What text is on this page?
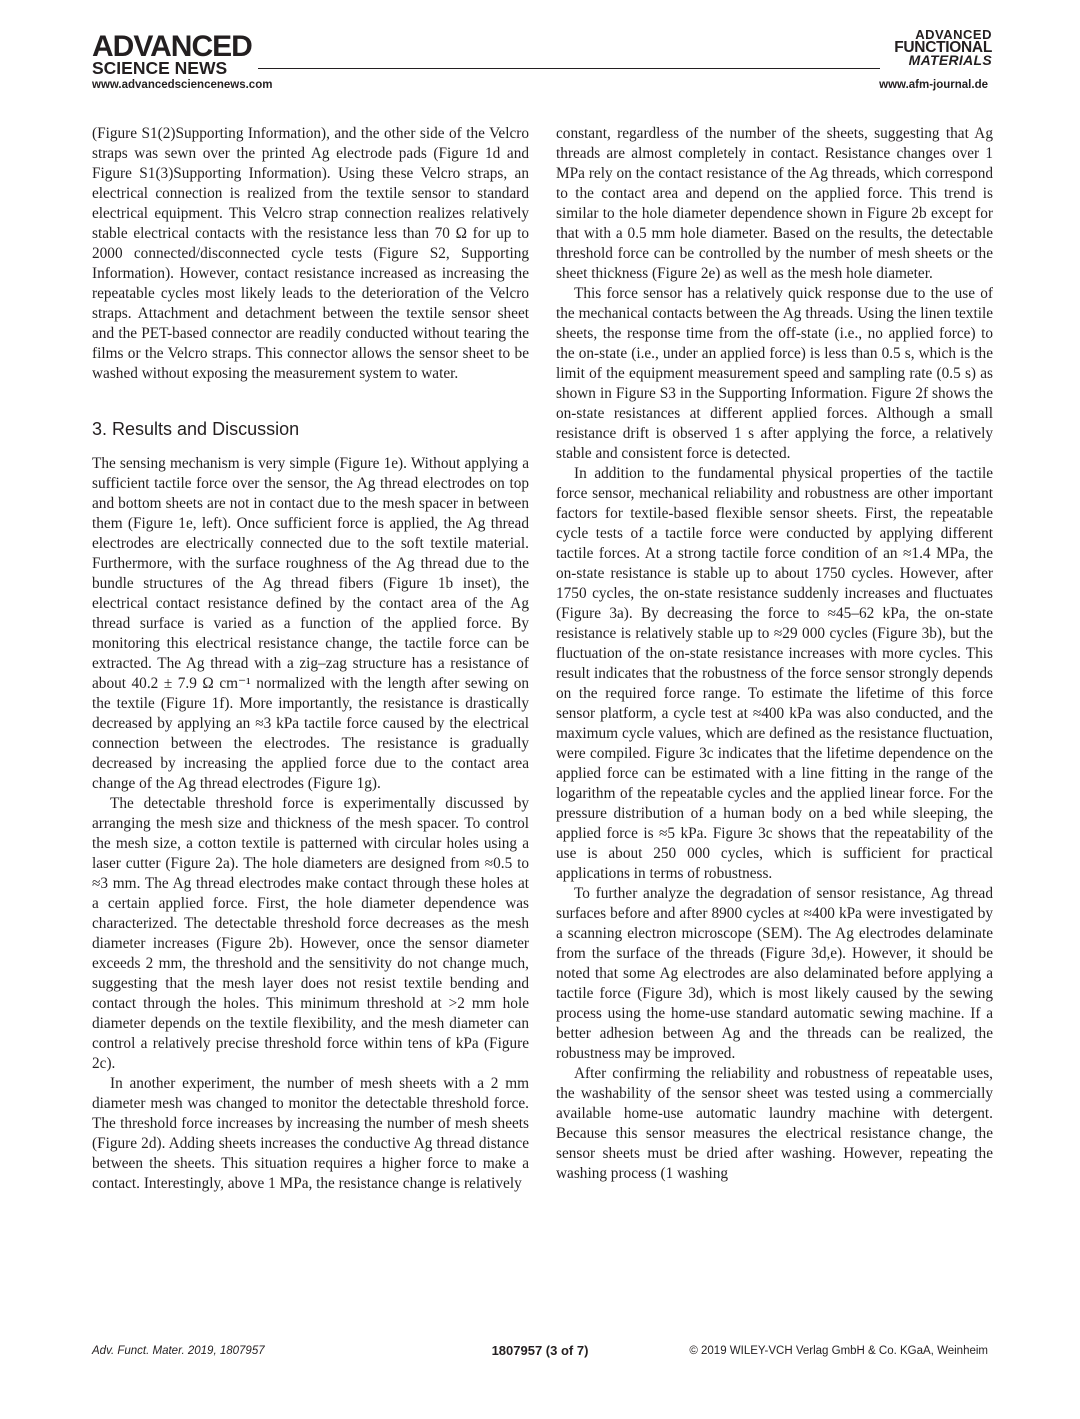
ADVANCED
SCIENCE NEWS
www.advancedsciencenews.com
ADVANCED
FUNCTIONAL
MATERIALS
www.afm-journal.de

(Figure S1(2)Supporting Information), and the other side of the Velcro straps was sewn over the printed Ag electrode pads (Figure 1d and Figure S1(3)Supporting Information). Using these Velcro straps, an electrical connection is realized from the textile sensor to standard electrical equipment. This Velcro strap connection realizes relatively stable electrical contacts with the resistance less than 70 Ω for up to 2000 connected/disconnected cycle tests (Figure S2, Supporting Information). However, contact resistance increased as increasing the repeatable cycles most likely leads to the deterioration of the Velcro straps. Attachment and detachment between the textile sensor sheet and the PET-based connector are readily conducted without tearing the films or the Velcro straps. This connector allows the sensor sheet to be washed without exposing the measurement system to water.

3. Results and Discussion

The sensing mechanism is very simple (Figure 1e). Without applying a sufficient tactile force over the sensor, the Ag thread electrodes on top and bottom sheets are not in contact due to the mesh spacer in between them (Figure 1e, left). Once sufficient force is applied, the Ag thread electrodes are electrically connected due to the soft textile material. Furthermore, with the surface roughness of the Ag thread due to the bundle structures of the Ag thread fibers (Figure 1b inset), the electrical contact resistance defined by the contact area of the Ag thread surface is varied as a function of the applied force. By monitoring this electrical resistance change, the tactile force can be extracted. The Ag thread with a zig–zag structure has a resistance of about 40.2 ± 7.9 Ω cm⁻¹ normalized with the length after sewing on the textile (Figure 1f). More importantly, the resistance is drastically decreased by applying an ≈3 kPa tactile force caused by the electrical connection between the electrodes. The resistance is gradually decreased by increasing the applied force due to the contact area change of the Ag thread electrodes (Figure 1g).

The detectable threshold force is experimentally discussed by arranging the mesh size and thickness of the mesh spacer. To control the mesh size, a cotton textile is patterned with circular holes using a laser cutter (Figure 2a). The hole diameters are designed from ≈0.5 to ≈3 mm. The Ag thread electrodes make contact through these holes at a certain applied force. First, the hole diameter dependence was characterized. The detectable threshold force decreases as the mesh diameter increases (Figure 2b). However, once the sensor diameter exceeds 2 mm, the threshold and the sensitivity do not change much, suggesting that the mesh layer does not resist textile bending and contact through the holes. This minimum threshold at >2 mm hole diameter depends on the textile flexibility, and the mesh diameter can control a relatively precise threshold force within tens of kPa (Figure 2c).

In another experiment, the number of mesh sheets with a 2 mm diameter mesh was changed to monitor the detectable threshold force. The threshold force increases by increasing the number of mesh sheets (Figure 2d). Adding sheets increases the conductive Ag thread distance between the sheets. This situation requires a higher force to make a contact. Interestingly, above 1 MPa, the resistance change is relatively

constant, regardless of the number of the sheets, suggesting that Ag threads are almost completely in contact. Resistance changes over 1 MPa rely on the contact resistance of the Ag threads, which correspond to the contact area and depend on the applied force. This trend is similar to the hole diameter dependence shown in Figure 2b except for that with a 0.5 mm hole diameter. Based on the results, the detectable threshold force can be controlled by the number of mesh sheets or the sheet thickness (Figure 2e) as well as the mesh hole diameter.

This force sensor has a relatively quick response due to the use of the mechanical contacts between the Ag threads. Using the linen textile sheets, the response time from the off-state (i.e., no applied force) to the on-state (i.e., under an applied force) is less than 0.5 s, which is the limit of the equipment measurement speed and sampling rate (0.5 s) as shown in Figure S3 in the Supporting Information. Figure 2f shows the on-state resistances at different applied forces. Although a small resistance drift is observed 1 s after applying the force, a relatively stable and consistent force is detected.

In addition to the fundamental physical properties of the tactile force sensor, mechanical reliability and robustness are other important factors for textile-based flexible sensor sheets. First, the repeatable cycle tests of a tactile force were conducted by applying different tactile forces. At a strong tactile force condition of an ≈1.4 MPa, the on-state resistance is stable up to about 1750 cycles. However, after 1750 cycles, the on-state resistance suddenly increases and fluctuates (Figure 3a). By decreasing the force to ≈45–62 kPa, the on-state resistance is relatively stable up to ≈29 000 cycles (Figure 3b), but the fluctuation of the on-state resistance increases with more cycles. This result indicates that the robustness of the force sensor strongly depends on the required force range. To estimate the lifetime of this force sensor platform, a cycle test at ≈400 kPa was also conducted, and the maximum cycle values, which are defined as the resistance fluctuation, were compiled. Figure 3c indicates that the lifetime dependence on the applied force can be estimated with a line fitting in the range of the logarithm of the repeatable cycles and the applied linear force. For the pressure distribution of a human body on a bed while sleeping, the applied force is ≈5 kPa. Figure 3c shows that the repeatability of the use is about 250 000 cycles, which is sufficient for practical applications in terms of robustness.

To further analyze the degradation of sensor resistance, Ag thread surfaces before and after 8900 cycles at ≈400 kPa were investigated by a scanning electron microscope (SEM). The Ag electrodes delaminate from the surface of the threads (Figure 3d,e). However, it should be noted that some Ag electrodes are also delaminated before applying a tactile force (Figure 3d), which is most likely caused by the sewing process using the home-use standard automatic sewing machine. If a better adhesion between Ag and the threads can be realized, the robustness may be improved.

After confirming the reliability and robustness of repeatable uses, the washability of the sensor sheet was tested using a commercially available home-use automatic laundry machine with detergent. Because this sensor measures the electrical resistance change, the sensor sheets must be dried after washing. However, repeating the washing process (1 washing

Adv. Funct. Mater. 2019, 1807957	1807957 (3 of 7)	© 2019 WILEY-VCH Verlag GmbH & Co. KGaA, Weinheim
